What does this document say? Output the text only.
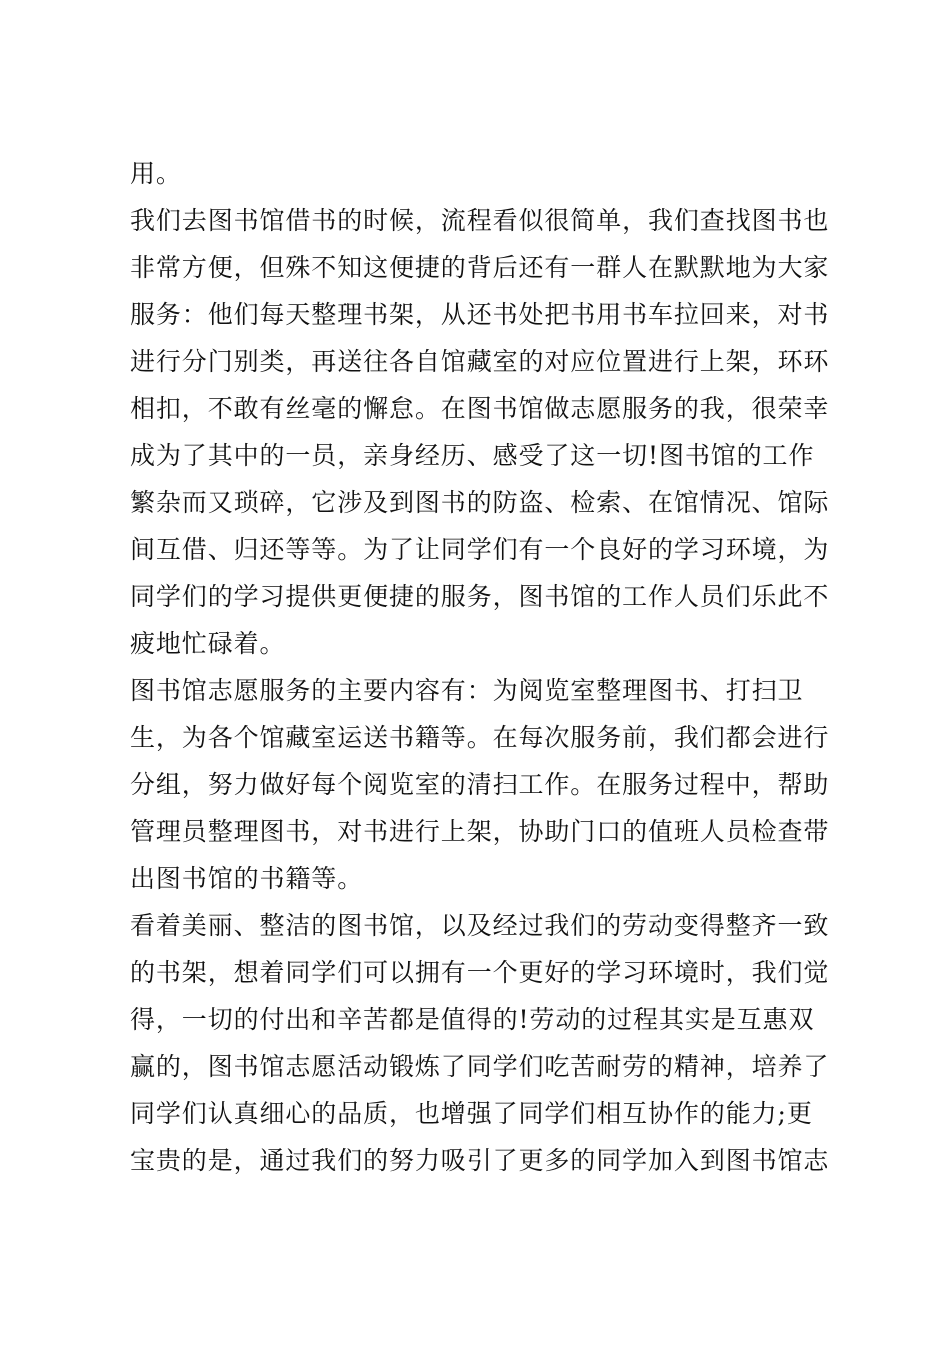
用。
我们去图书馆借书的时候，流程看似很简单，我们查找图书也
非常方便，但殊不知这便捷的背后还有一群人在默默地为大家
服务：他们每天整理书架，从还书处把书用书车拉回来，对书
进行分门别类，再送往各自馆藏室的对应位置进行上架，环环
相扣，不敢有丝毫的懈怠。在图书馆做志愿服务的我，很荣幸
成为了其中的一员，亲身经历、感受了这一切!图书馆的工作
繁杂而又琐碎，它涉及到图书的防盗、检索、在馆情况、馆际
间互借、归还等等。为了让同学们有一个良好的学习环境，为
同学们的学习提供更便捷的服务，图书馆的工作人员们乐此不
疲地忙碌着。
图书馆志愿服务的主要内容有：为阅览室整理图书、打扫卫
生，为各个馆藏室运送书籍等。在每次服务前，我们都会进行
分组，努力做好每个阅览室的清扫工作。在服务过程中，帮助
管理员整理图书，对书进行上架，协助门口的值班人员检查带
出图书馆的书籍等。
看着美丽、整洁的图书馆，以及经过我们的劳动变得整齐一致
的书架，想着同学们可以拥有一个更好的学习环境时，我们觉
得，一切的付出和辛苦都是值得的!劳动的过程其实是互惠双
赢的，图书馆志愿活动锻炼了同学们吃苦耐劳的精神，培养了
同学们认真细心的品质，也增强了同学们相互协作的能力;更
宝贵的是，通过我们的努力吸引了更多的同学加入到图书馆志
